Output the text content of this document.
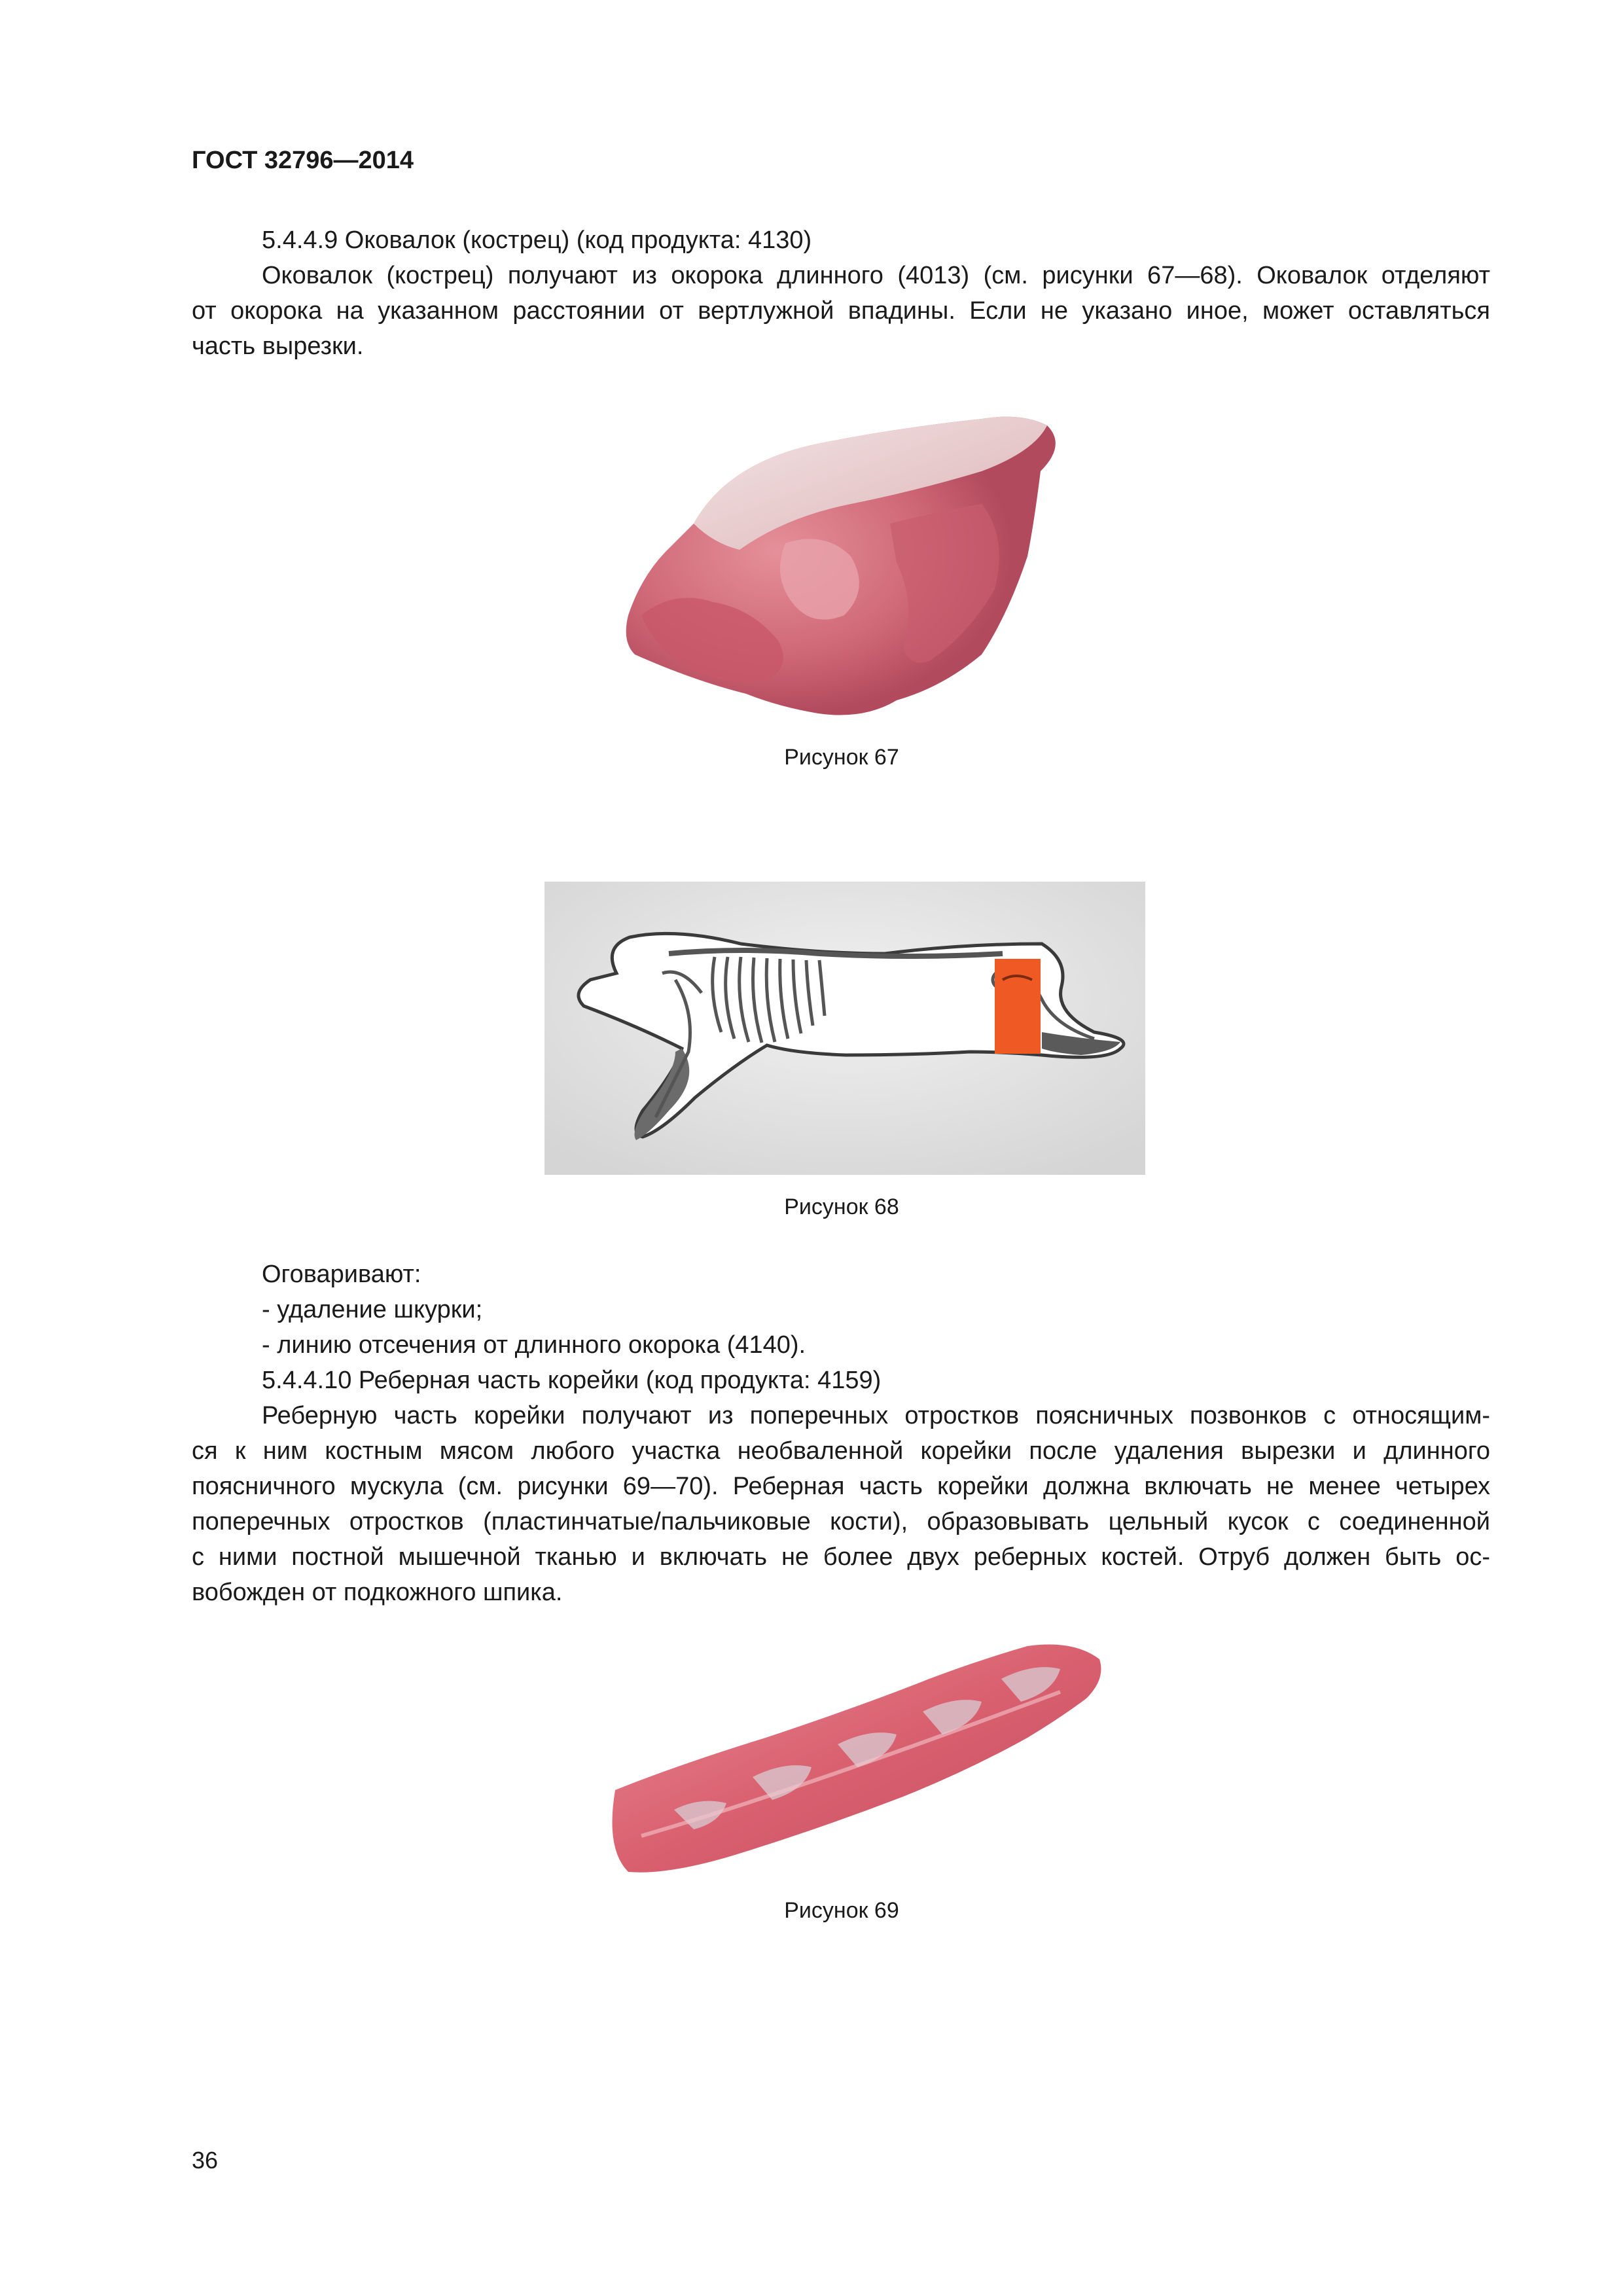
ГОСТ 32796—2014
5.4.4.9 Оковалок (кострец) (код продукта: 4130)
Оковалок (кострец) получают из окорока длинного (4013) (см. рисунки 67—68). Оковалок отделяют
от окорока на указанном расстоянии от вертлужной впадины. Если не указано иное, может оставляться
часть вырезки.
Рисунок 67
Рисунок 68
Оговаривают:
- удаление шкурки;
- линию отсечения от длинного окорока (4140).
5.4.4.10 Реберная часть корейки (код продукта: 4159)
Реберную часть корейки получают из поперечных отростков поясничных позвонков с относящим-
ся к ним костным мясом любого участка необваленной корейки после удаления вырезки и длинного
поясничного мускула (см. рисунки 69—70). Реберная часть корейки должна включать не менее четырех
поперечных отростков (пластинчатые/пальчиковые кости), образовывать цельный кусок с соединенной
с ними постной мышечной тканью и включать не более двух реберных костей. Отруб должен быть ос-
вобожден от подкожного шпика.
Рисунок 69
36
